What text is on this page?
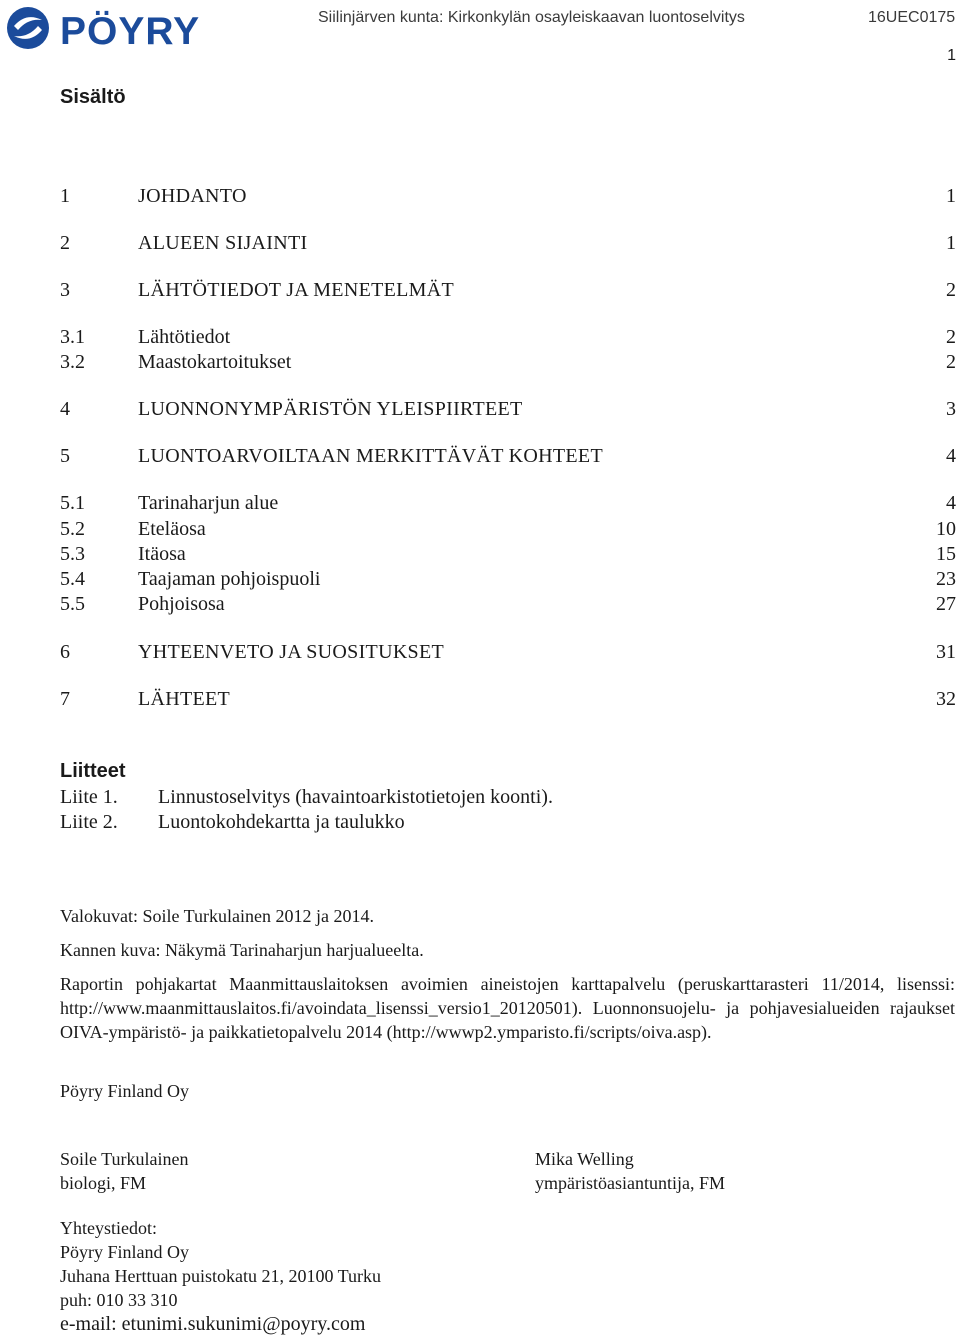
PÖYRY	Siilinjärven kunta: Kirkonkylän osayleiskaavan luontoselvitys	16UEC0175
1
Sisältö
1	JOHDANTO	1
2	ALUEEN SIJAINTI	1
3	LÄHTÖTIEDOT JA MENETELMÄT	2
3.1	Lähtötiedot	2
3.2	Maastokartoitukset	2
4	LUONNONYMPÄRISTÖN YLEISPIIRTEET	3
5	LUONTOARVOILTAAN MERKITTÄVÄT KOHTEET	4
5.1	Tarinaharjun alue	4
5.2	Eteläosa	10
5.3	Itäosa	15
5.4	Taajaman pohjoispuoli	23
5.5	Pohjoisosa	27
6	YHTEENVETO JA SUOSITUKSET	31
7	LÄHTEET	32
Liitteet
Liite 1. Linnustoselvitys (havaintoarkistotietojen koonti).
Liite 2. Luontokohdekartta ja taulukko
Valokuvat: Soile Turkulainen 2012 ja 2014.
Kannen kuva: Näkymä Tarinaharjun harjualueelta.

Raportin pohjakartat Maanmittauslaitoksen avoimien aineistojen karttapalvelu (peruskarttarasteri 11/2014, lisenssi: http://www.maanmittauslaitos.fi/avoindata_lisenssi_versio1_20120501). Luonnonsuojelu- ja pohjavesialueiden rajaukset OIVA-ympäristö- ja paikkatietopalvelu 2014 (http://wwwp2.ymparisto.fi/scripts/oiva.asp).

Pöyry Finland Oy
Soile Turkulainen
biologi, FM
Mika Welling
ympäristöasiantuntija, FM
Yhteystiedot:
Pöyry Finland Oy
Juhana Herttuan puistokatu 21, 20100 Turku
puh: 010 33 310
e-mail: etunimi.sukunimi@poyry.com
